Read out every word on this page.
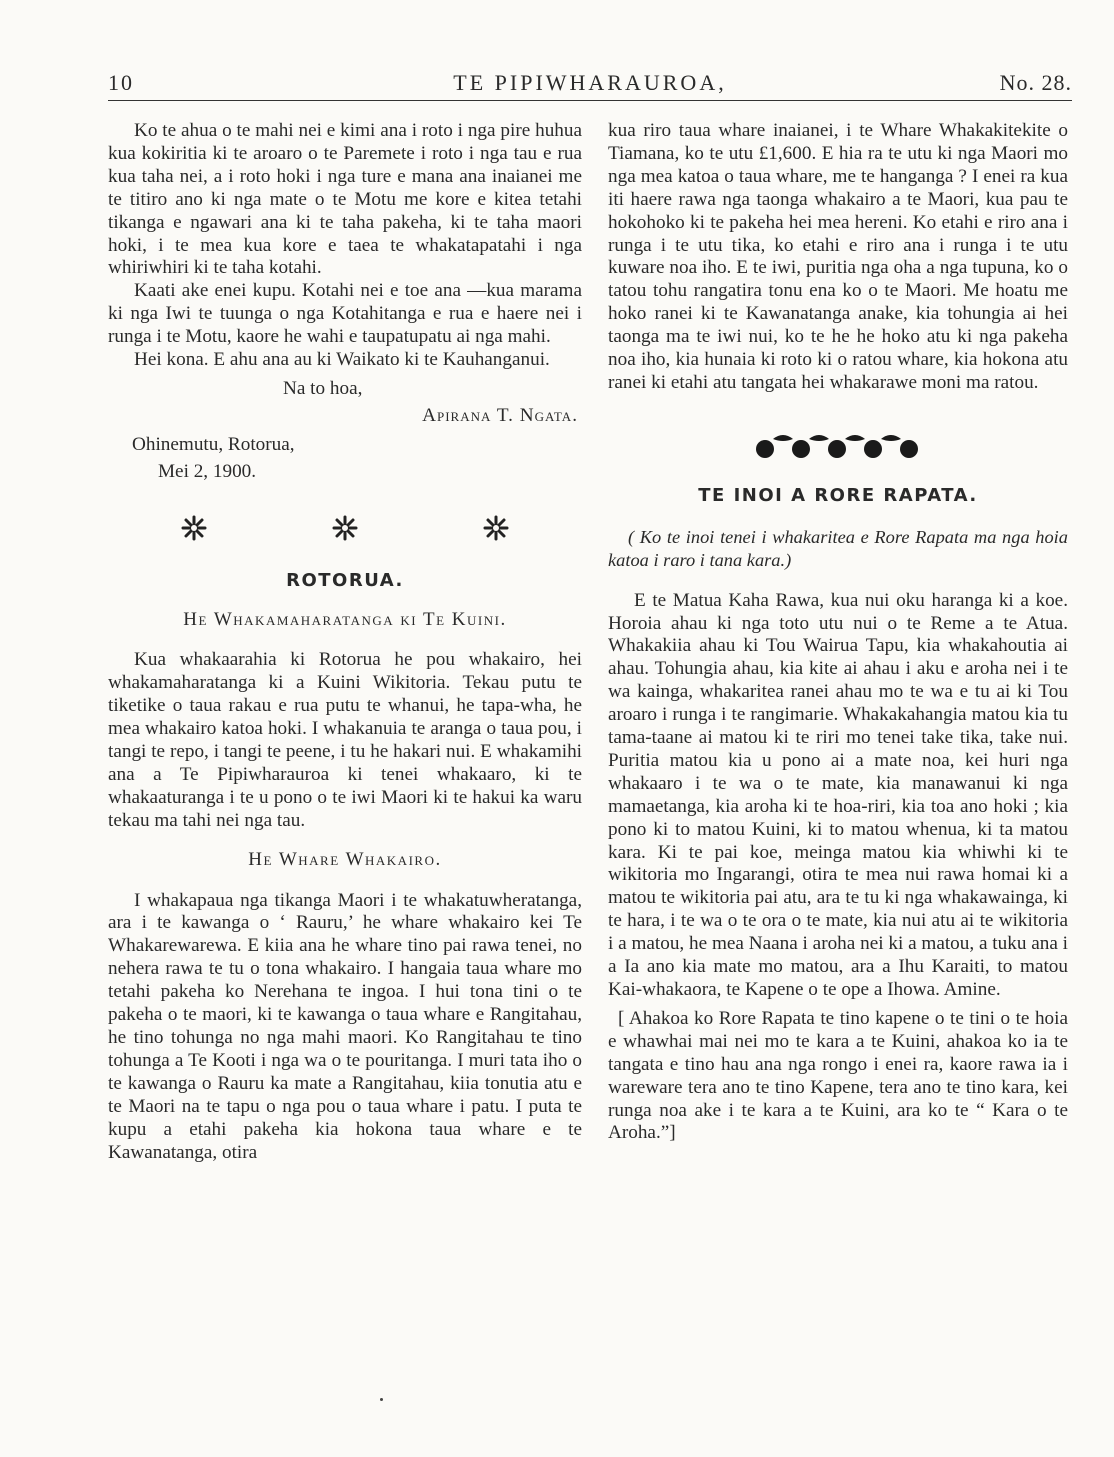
10	TE PIPIWHARAUROA,	No. 28.

Ko te ahua o te mahi nei e kimi ana i roto i nga pire huhua kua kokiritia ki te aroaro o te Paremete i roto i nga tau e rua kua taha nei, a i roto hoki i nga ture e mana ana inaianei me te titiro ano ki nga mate o te Motu me kore e kitea tetahi tikanga e ngawari ana ki te taha pakeha, ki te taha maori hoki, i te mea kua kore e taea te whakatapatahi i nga whiriwhiri ki te taha kotahi.

Kaati ake enei kupu. Kotahi nei e toe ana —kua marama ki nga Iwi te tuunga o nga Kotahitanga e rua e haere nei i runga i te Motu, kaore he wahi e taupatupatu ai nga mahi.

Hei kona. E ahu ana au ki Waikato ki te Kauhanganui.

Na to hoa,

Apirana T. Ngata.

Ohinemutu, Rotorua,

Mei 2, 1900.

ROTORUA.
He Whakamaharatanga ki Te Kuini.

Kua whakaarahia ki Rotorua he pou whakairo, hei whakamaharatanga ki a Kuini Wikitoria. Tekau putu te tiketike o taua rakau e rua putu te whanui, he tapa-wha, he mea whakairo katoa hoki. I whakanuia te aranga o taua pou, i tangi te repo, i tangi te peene, i tu he hakari nui. E whakamihi ana a Te Pipiwharauroa ki tenei whakaaro, ki te whakaaturanga i te u pono o te iwi Maori ki te hakui ka waru tekau ma tahi nei nga tau.

He Whare Whakairo.

I whakapaua nga tikanga Maori i te whakatuwheratanga, ara i te kawanga o ‘ Rauru,’ he whare whakairo kei Te Whakarewarewa. E kiia ana he whare tino pai rawa tenei, no nehera rawa te tu o tona whakairo. I hangaia taua whare mo tetahi pakeha ko Nerehana te ingoa. I hui tona tini o te pakeha o te maori, ki te kawanga o taua whare e Rangitahau, he tino tohunga no nga mahi maori. Ko Rangitahau te tino tohunga a Te Kooti i nga wa o te pouritanga. I muri tata iho o te kawanga o Rauru ka mate a Rangitahau, kiia tonutia atu e te Maori na te tapu o nga pou o taua whare i patu. I puta te kupu a etahi pakeha kia hokona taua whare e te Kawanatanga, otira

kua riro taua whare inaianei, i te Whare Whakakitekite o Tiamana, ko te utu £1,600. E hia ra te utu ki nga Maori mo nga mea katoa o taua whare, me te hanganga ? I enei ra kua iti haere rawa nga taonga whakairo a te Maori, kua pau te hokohoko ki te pakeha hei mea hereni. Ko etahi e riro ana i runga i te utu tika, ko etahi e riro ana i runga i te utu kuware noa iho. E te iwi, puritia nga oha a nga tupuna, ko o tatou tohu rangatira tonu ena ko o te Maori. Me hoatu me hoko ranei ki te Kawanatanga anake, kia tohungia ai hei taonga ma te iwi nui, ko te he he hoko atu ki nga pakeha noa iho, kia hunaia ki roto ki o ratou whare, kia hokona atu ranei ki etahi atu tangata hei whakarawe moni ma ratou.

TE INOI A RORE RAPATA.

( Ko te inoi tenei i whakaritea e Rore Rapata ma nga hoia katoa i raro i tana kara.)

E te Matua Kaha Rawa, kua nui oku haranga ki a koe. Horoia ahau ki nga toto utu nui o te Reme a te Atua. Whakakiia ahau ki Tou Wairua Tapu, kia whakahoutia ai ahau. Tohungia ahau, kia kite ai ahau i aku e aroha nei i te wa kainga, whakaritea ranei ahau mo te wa e tu ai ki Tou aroaro i runga i te rangimarie. Whakakahangia matou kia tu tama-taane ai matou ki te riri mo tenei take tika, take nui. Puritia matou kia u pono ai a mate noa, kei huri nga whakaaro i te wa o te mate, kia manawanui ki nga mamaetanga, kia aroha ki te hoa-riri, kia toa ano hoki ; kia pono ki to matou Kuini, ki to matou whenua, ki ta matou kara. Ki te pai koe, meinga matou kia whiwhi ki te wikitoria mo Ingarangi, otira te mea nui rawa homai ki a matou te wikitoria pai atu, ara te tu ki nga whakawainga, ki te hara, i te wa o te ora o te mate, kia nui atu ai te wikitoria i a matou, he mea Naana i aroha nei ki a matou, a tuku ana i a Ia ano kia mate mo matou, ara a Ihu Karaiti, to matou Kai-whakaora, te Kapene o te ope a Ihowa. Amine.

[ Ahakoa ko Rore Rapata te tino kapene o te tini o te hoia e whawhai mai nei mo te kara a te Kuini, ahakoa ko ia te tangata e tino hau ana nga rongo i enei ra, kaore rawa ia i wareware tera ano te tino Kapene, tera ano te tino kara, kei runga noa ake i te kara a te Kuini, ara ko te “ Kara o te Aroha.”]
